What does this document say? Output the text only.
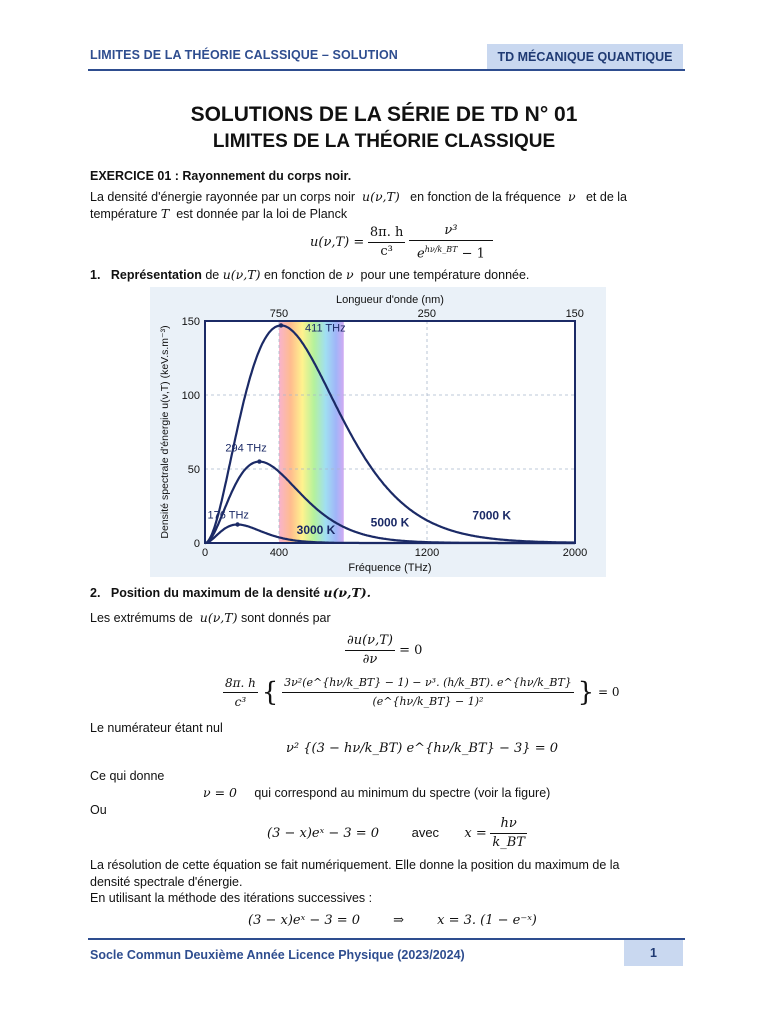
LIMITES DE LA THÉORIE CALSSIQUE – SOLUTION	TD MÉCANIQUE QUANTIQUE
SOLUTIONS DE LA SÉRIE DE TD N° 01
LIMITES DE LA THÉORIE CLASSIQUE
EXERCICE 01 : Rayonnement du corps noir.
La densité d'énergie rayonnée par un corps noir u(ν,T) en fonction de la fréquence ν et de la
température T est donnée par la loi de Planck
$u(\nu,T) = \frac{8\pi. h}{\text{c³}}$
$\frac{\text{ν³}}{e^{h\nu/k\_BT} - 1}$
1. Représentation de u(ν,T) en fonction de ν pour une température donnée.
411 THz
294 THz
176 THz
3000 K
5000 K
7000 K
0
50
100
150
0	400	1200	2000
750	250	150
Longueur d'onde (nm)
Fréquence (THz)
Densité spectrale d'énergie u(ν,T) (keV.s.m⁻³)
2. Position du maximum de la densité u(ν,T).
Les extrémums de u(ν,T) sont donnés par
$\frac{\partial u(\nu,T)}{\partial\nu} = 0$
$\frac{8\pi. h}{\text{c³}}$ { $\frac{\text{3ν²(e\textasciicircum{}\{hν/k\_BT\} − 1) − ν³. (h/k\_BT). e\textasciicircum{}\{hν/k\_BT\}}}{\text{(e\textasciicircum{}\{hν/k\_BT\} − 1)²}}$ } = 0
Le numérateur étant nul
ν² {(3 − hν/k_BT) e^{hν/k_BT} − 3} = 0
Ce qui donne
ν = 0 qui correspond au minimum du spectre (voir la figure)
Ou
(3 − x)eˣ − 3 = 0	avec $x = \frac{h\nu}{k\_BT}$
La résolution de cette équation se fait numériquement. Elle donne la position du maximum de la
densité spectrale d'énergie.
En utilisant la méthode des itérations successives :
(3 − x)eˣ − 3 = 0	⇒	x = 3. (1 − e⁻ˣ)
Socle Commun Deuxième Année Licence Physique (2023/2024)	1
